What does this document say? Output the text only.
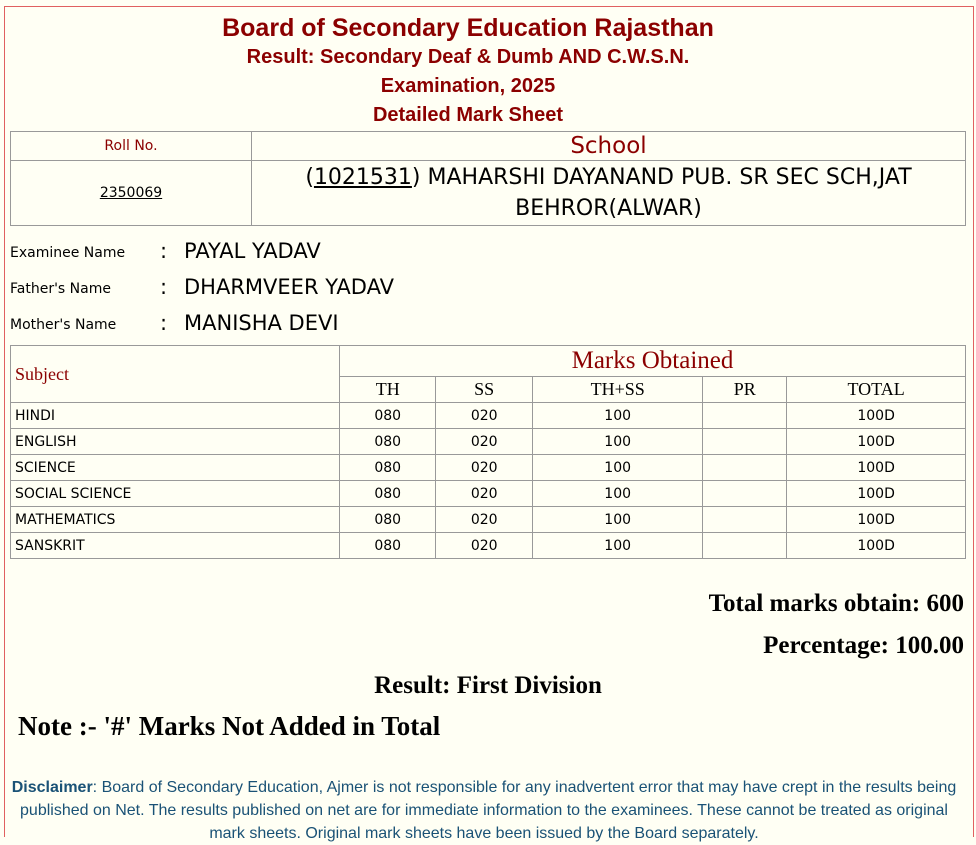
Board of Secondary Education Rajasthan
Result: Secondary Deaf & Dumb AND C.W.S.N.
Examination, 2025
Detailed Mark Sheet
Roll No.	School
2350069	(1021531) MAHARSHI DAYANAND PUB. SR SEC SCH,JAT
BEHROR(ALWAR)
Examinee Name : PAYAL YADAV
Father's Name : DHARMVEER YADAV
Mother's Name : MANISHA DEVI
Subject	Marks Obtained				
	TH	SS	TH+SS	PR	TOTAL
HINDI	080	020	100		100D
ENGLISH	080	020	100		100D
SCIENCE	080	020	100		100D
SOCIAL SCIENCE	080	020	100		100D
MATHEMATICS	080	020	100		100D
SANSKRIT	080	020	100		100D
Total marks obtain: 600
Percentage: 100.00
Result: First Division
Note :- '#' Marks Not Added in Total
Disclaimer: Board of Secondary Education, Ajmer is not responsible for any inadvertent error that may have crept in the results being published on Net. The results published on net are for immediate information to the examinees. These cannot be treated as original mark sheets. Original mark sheets have been issued by the Board separately.
